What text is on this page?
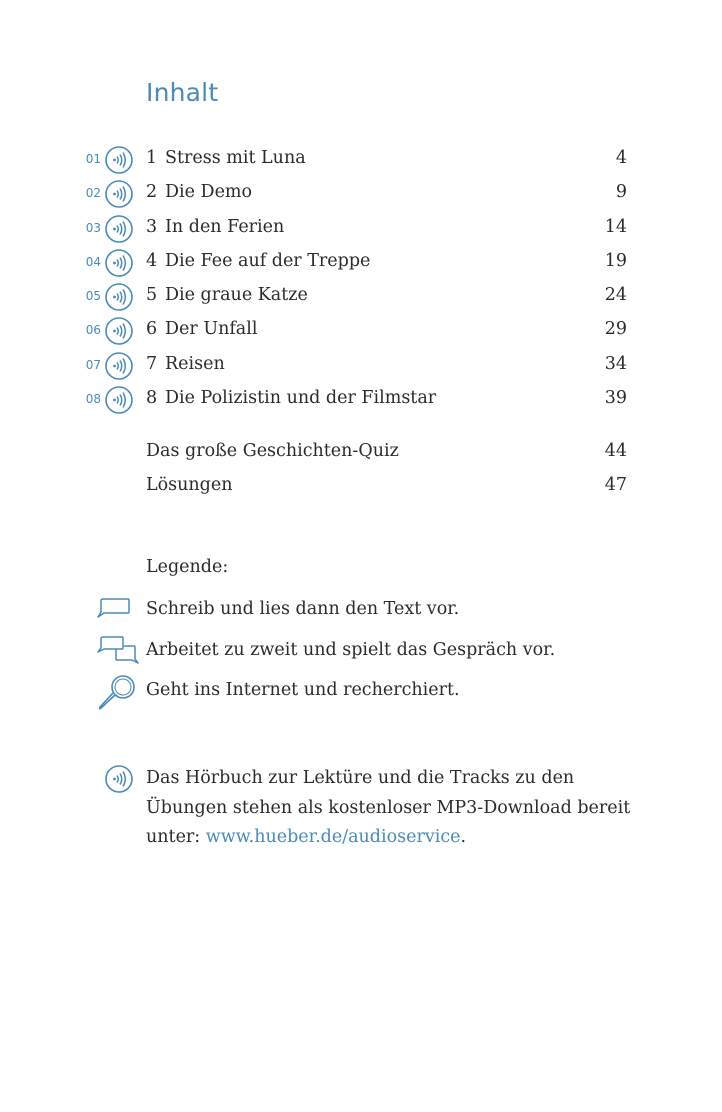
Inhalt
01	1 Stress mit Luna	4
02	2 Die Demo	9
03	3 In den Ferien	14
04	4 Die Fee auf der Treppe	19
05	5 Die graue Katze	24
06	6 Der Unfall	29
07	7 Reisen	34
08	8 Die Polizistin und der Filmstar	39
Das große Geschichten-Quiz	44
Lösungen	47
Legende:
Schreib und lies dann den Text vor.
Arbeitet zu zweit und spielt das Gespräch vor.
Geht ins Internet und recherchiert.
Das Hörbuch zur Lektüre und die Tracks zu den Übungen stehen als kostenloser MP3-Download bereit unter: www.hueber.de/audioservice.
